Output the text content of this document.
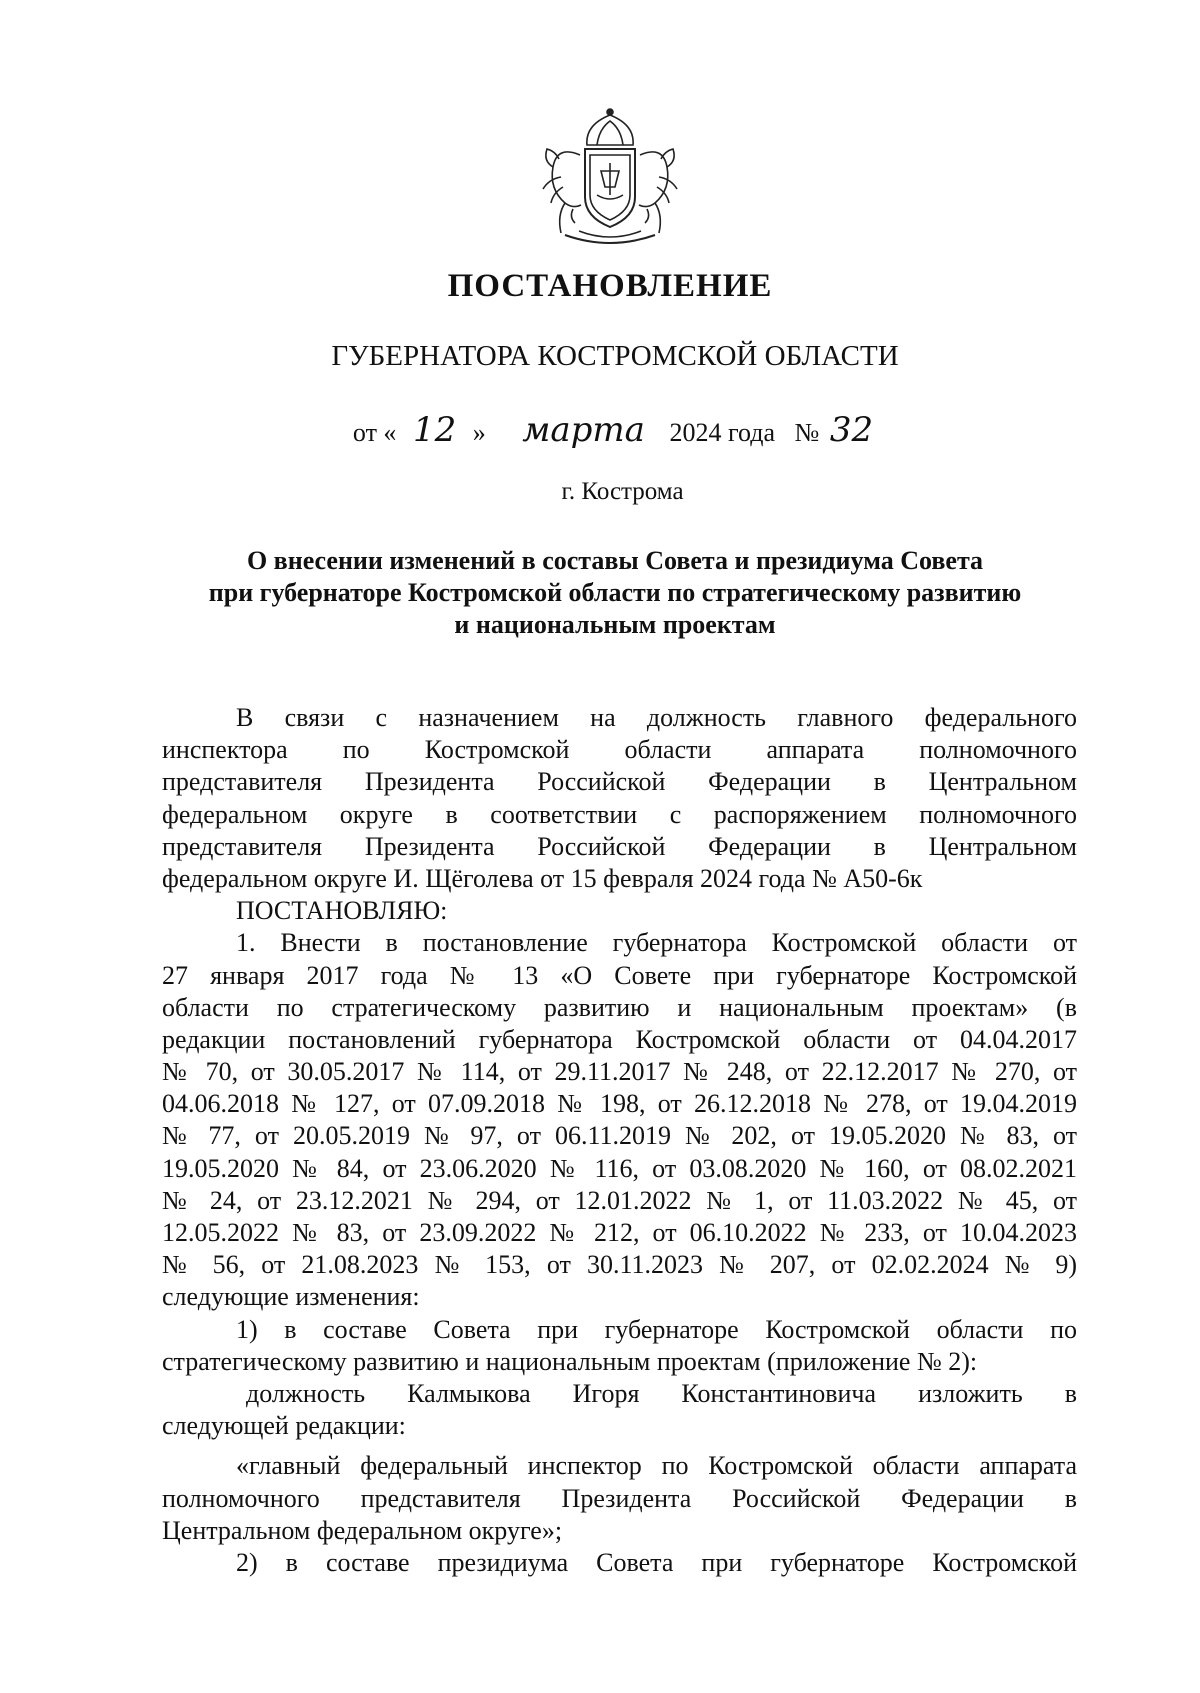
ПОСТАНОВЛЕНИЕ
ГУБЕРНАТОРА КОСТРОМСКОЙ ОБЛАСТИ
от « 12 » марта 2024 года № 32
г. Кострома
О внесении изменений в составы Совета и президиума Совета
при губернаторе Костромской области по стратегическому развитию
и национальным проектам
В связи с назначением на должность главного федерального
инспектора по Костромской области аппарата полномочного
представителя Президента Российской Федерации в Центральном
федеральном округе в соответствии с распоряжением полномочного
представителя Президента Российской Федерации в Центральном
федеральном округе И. Щёголева от 15 февраля 2024 года № А50-6к
ПОСТАНОВЛЯЮ:
1. Внести в постановление губернатора Костромской области от
27 января 2017 года № 13 «О Совете при губернаторе Костромской
области по стратегическому развитию и национальным проектам» (в
редакции постановлений губернатора Костромской области от 04.04.2017
№ 70, от 30.05.2017 № 114, от 29.11.2017 № 248, от 22.12.2017 № 270, от
04.06.2018 № 127, от 07.09.2018 № 198, от 26.12.2018 № 278, от 19.04.2019
№ 77, от 20.05.2019 № 97, от 06.11.2019 № 202, от 19.05.2020 № 83, от
19.05.2020 № 84, от 23.06.2020 № 116, от 03.08.2020 № 160, от 08.02.2021
№ 24, от 23.12.2021 № 294, от 12.01.2022 № 1, от 11.03.2022 № 45, от
12.05.2022 № 83, от 23.09.2022 № 212, от 06.10.2022 № 233, от 10.04.2023
№ 56, от 21.08.2023 № 153, от 30.11.2023 № 207, от 02.02.2024 № 9)
следующие изменения:
1) в составе Совета при губернаторе Костромской области по
стратегическому развитию и национальным проектам (приложение № 2):
должность Калмыкова Игоря Константиновича изложить в
следующей редакции:
«главный федеральный инспектор по Костромской области аппарата
полномочного представителя Президента Российской Федерации в
Центральном федеральном округе»;
2) в составе президиума Совета при губернаторе Костромской
